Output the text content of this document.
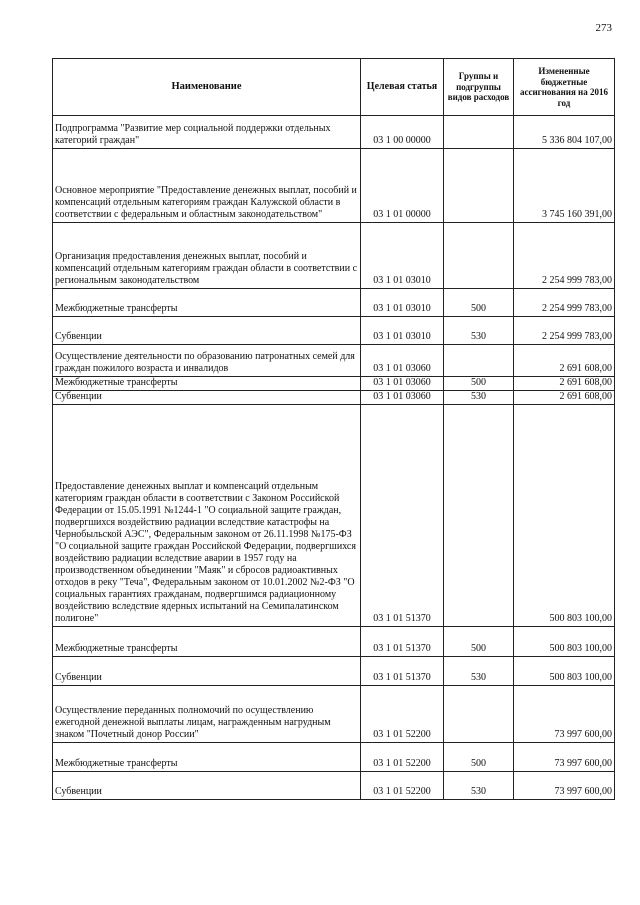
273
Наименование	Целевая статья	Группы и подгруппы видов расходов	Измененные бюджетные ассигнования на 2016 год
Подпрограмма "Развитие мер социальной поддержки отдельных категорий граждан"	03 1 00 00000		5 336 804 107,00
Основное мероприятие "Предоставление денежных выплат, пособий и компенсаций отдельным категориям граждан Калужской области в соответствии с федеральным и областным законодательством"	03 1 01 00000		3 745 160 391,00
Организация предоставления денежных выплат, пособий и компенсаций отдельным категориям граждан области в соответствии с региональным законодательством	03 1 01 03010		2 254 999 783,00
Межбюджетные трансферты	03 1 01 03010	500	2 254 999 783,00
Субвенции	03 1 01 03010	530	2 254 999 783,00
Осуществление деятельности по образованию патронатных семей для граждан пожилого возраста и инвалидов	03 1 01 03060		2 691 608,00
Межбюджетные трансферты	03 1 01 03060	500	2 691 608,00
Субвенции	03 1 01 03060	530	2 691 608,00
Предоставление денежных выплат и компенсаций отдельным категориям граждан области в соответствии с Законом Российской Федерации от 15.05.1991 №1244-1 "О социальной защите граждан, подвергшихся воздействию радиации вследствие катастрофы на Чернобыльской АЭС", Федеральным законом от 26.11.1998 №175-ФЗ "О социальной защите граждан Российской Федерации, подвергшихся воздействию радиации вследствие аварии в 1957 году на производственном объединении "Маяк" и сбросов радиоактивных отходов в реку "Теча", Федеральным законом от 10.01.2002 №2-ФЗ "О социальных гарантиях гражданам, подвергшимся радиационному воздействию вследствие ядерных испытаний на Семипалатинском полигоне"	03 1 01 51370		500 803 100,00
Межбюджетные трансферты	03 1 01 51370	500	500 803 100,00
Субвенции	03 1 01 51370	530	500 803 100,00
Осуществление переданных полномочий по осуществлению ежегодной денежной выплаты лицам, награжденным нагрудным знаком "Почетный донор России"	03 1 01 52200		73 997 600,00
Межбюджетные трансферты	03 1 01 52200	500	73 997 600,00
Субвенции	03 1 01 52200	530	73 997 600,00
